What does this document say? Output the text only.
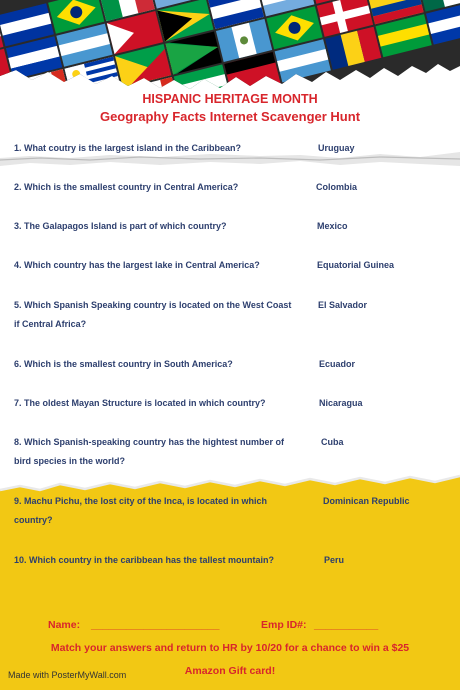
HISPANIC HERITAGE MONTH
Geography Facts Internet Scavenger Hunt
1. What coutry is the largest island in the Caribbean?	Uruguay
2. Which is the smallest country in Central America?	Colombia
3. The Galapagos Island is part of which country?	Mexico
4. Which country has the largest lake in Central America?	Equatorial Guinea
5. Which Spanish Speaking country is located on the West Coast if Central Africa?
El Salvador
6. Which is the smallest country in South America?	Ecuador
7. The oldest Mayan Structure is located in which country?	Nicaragua
8. Which Spanish-speaking country has the hightest number of bird species in the world?
Cuba
9. Machu Pichu, the lost city of the Inca, is located in which country?
Dominican Republic
10. Which country in the caribbean has the tallest mountain?	Peru
Name: ______________________	Emp ID#: ___________
Match your answers and return to HR by 10/20 for a chance to win a $25
Amazon Gift card!
Made with PosterMyWall.com
